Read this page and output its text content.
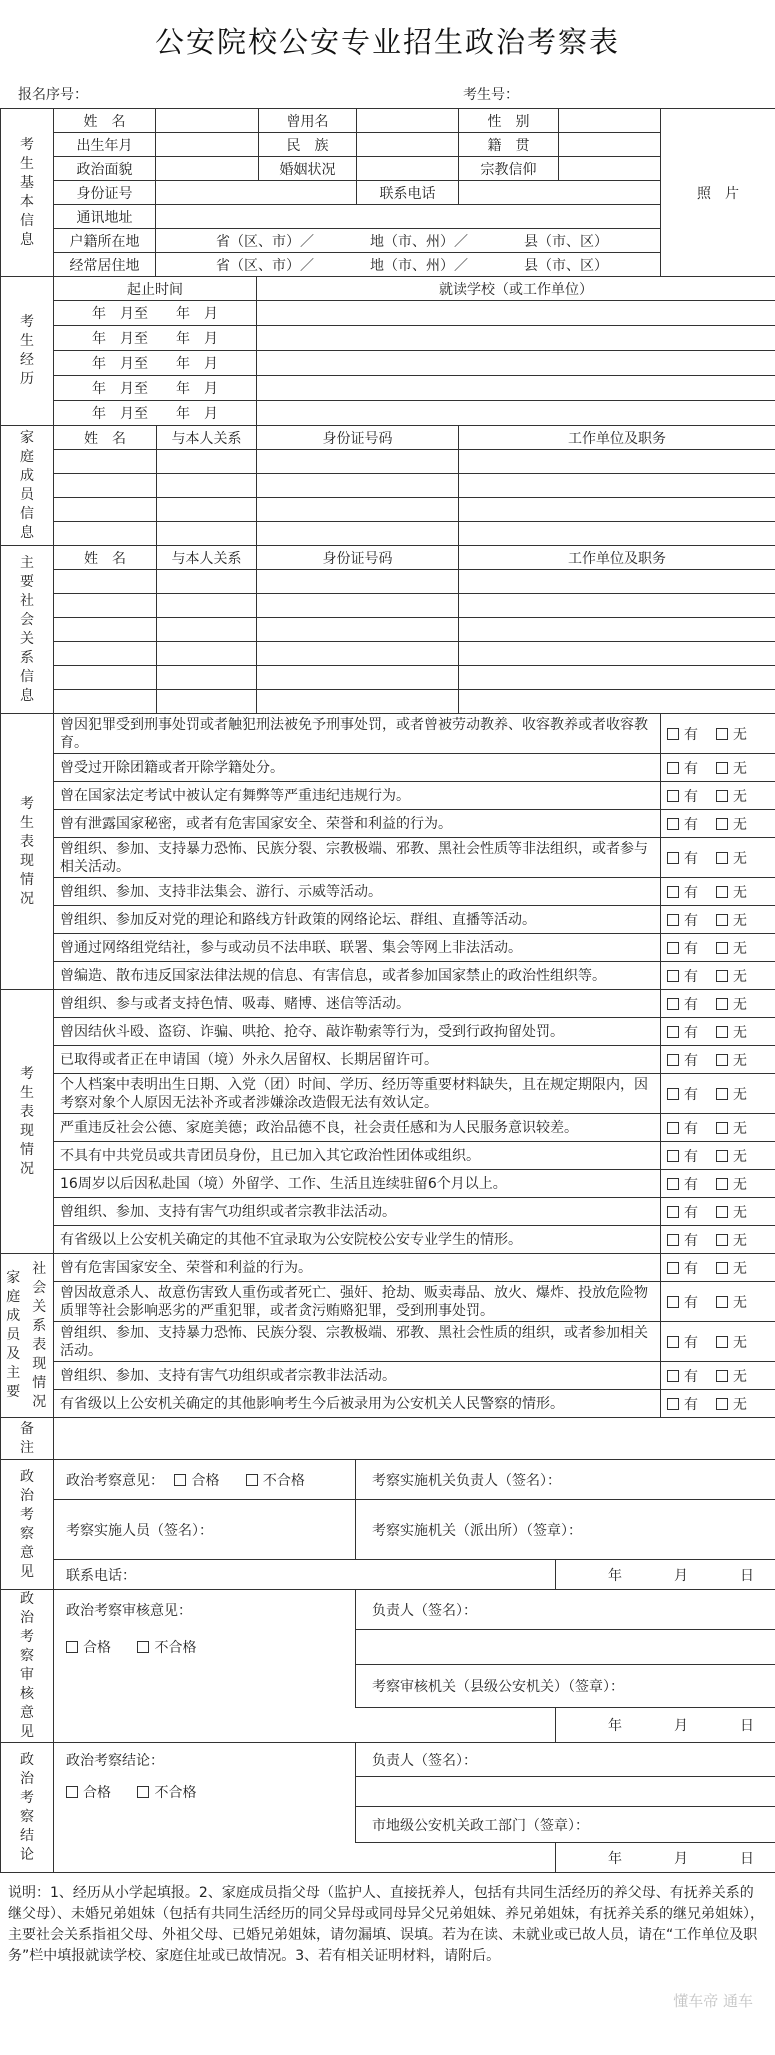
公安院校公安专业招生政治考察表
报名序号：	考生号：
考生基本信息	姓　名		曾用名		性　别		照　片
	出生年月		民　族		籍　贯		
	政治面貌		婚姻状况		宗教信仰		
	身份证号			联系电话			
	通讯地址						
	户籍所在地	省（区、市）／　　　　地（市、州）／　　　　县（市、区）					
	经常居住地	省（区、市）／　　　　地（市、州）／　　　　县（市、区）					
考生经历	起止时间	就读学校（或工作单位）
	年　月至　　年　月	
	年　月至　　年　月	
	年　月至　　年　月	
	年　月至　　年　月	
	年　月至　　年　月	
家庭成员信息	姓　名	与本人关系	身份证号码	工作单位及职务

主要社会关系信息	姓　名	与本人关系	身份证号码	工作单位及职务

考生表现情况	曾因犯罪受到刑事处罚或者触犯刑法被免予刑事处罚，或者曾被劳动教养、收容教养或者收容教育。	有 无
	曾受过开除团籍或者开除学籍处分。	有 无
	曾在国家法定考试中被认定有舞弊等严重违纪违规行为。	有 无
	曾有泄露国家秘密，或者有危害国家安全、荣誉和利益的行为。	有 无
	曾组织、参加、支持暴力恐怖、民族分裂、宗教极端、邪教、黑社会性质等非法组织，或者参与相关活动。	有 无
	曾组织、参加、支持非法集会、游行、示威等活动。	有 无
	曾组织、参加反对党的理论和路线方针政策的网络论坛、群组、直播等活动。	有 无
	曾通过网络组党结社，参与或动员不法串联、联署、集会等网上非法活动。	有 无
	曾编造、散布违反国家法律法规的信息、有害信息，或者参加国家禁止的政治性组织等。	有 无
考生表现情况	曾组织、参与或者支持色情、吸毒、赌博、迷信等活动。	有 无
	曾因结伙斗殴、盗窃、诈骗、哄抢、抢夺、敲诈勒索等行为，受到行政拘留处罚。	有 无
	已取得或者正在申请国（境）外永久居留权、长期居留许可。	有 无
	个人档案中表明出生日期、入党（团）时间、学历、经历等重要材料缺失，且在规定期限内，因考察对象个人原因无法补齐或者涉嫌涂改造假无法有效认定。	有 无
	严重违反社会公德、家庭美德；政治品德不良，社会责任感和为人民服务意识较差。	有 无
	不具有中共党员或共青团员身份，且已加入其它政治性团体或组织。	有 无
	16周岁以后因私赴国（境）外留学、工作、生活且连续驻留6个月以上。	有 无
	曾组织、参加、支持有害气功组织或者宗教非法活动。	有 无
	有省级以上公安机关确定的其他不宜录取为公安院校公安专业学生的情形。	有 无
家庭成员及主要	社会关系表现情况	曾有危害国家安全、荣誉和利益的行为。	有 无
		曾因故意杀人、故意伤害致人重伤或者死亡、强奸、抢劫、贩卖毒品、放火、爆炸、投放危险物质罪等社会影响恶劣的严重犯罪，或者贪污贿赂犯罪，受到刑事处罚。	有 无
		曾组织、参加、支持暴力恐怖、民族分裂、宗教极端、邪教、黑社会性质的组织，或者参加相关活动。	有 无
		曾组织、参加、支持有害气功组织或者宗教非法活动。	有 无
		有省级以上公安机关确定的其他影响考生今后被录用为公安机关人民警察的情形。	有 无
备注	
政治考察意见	政治考察意见： 合格 不合格	考察实施机关负责人（签名）：	
	考察实施人员（签名）：	考察实施机关（派出所）（签章）：	
	联系电话：		年 月 日
政治考察审核意见	政治考察审核意见：	负责人（签名）：	
	合格 不合格		
		考察审核机关（县级公安机关）（签章）：	
			年 月 日
政治考察结论	政治考察结论：	负责人（签名）：	
	合格 不合格		
		市地级公安机关政工部门（签章）：	
			年 月 日
说明：1、经历从小学起填报。2、家庭成员指父母（监护人、直接抚养人，包括有共同生活经历的养父母、有抚养关系的继父母）、未婚兄弟姐妹（包括有共同生活经历的同父异母或同母异父兄弟姐妹、养兄弟姐妹，有抚养关系的继兄弟姐妹），主要社会关系指祖父母、外祖父母、已婚兄弟姐妹，请勿漏填、误填。若为在读、未就业或已故人员，请在“工作单位及职务”栏中填报就读学校、家庭住址或已故情况。3、若有相关证明材料，请附后。
懂车帝 通车
